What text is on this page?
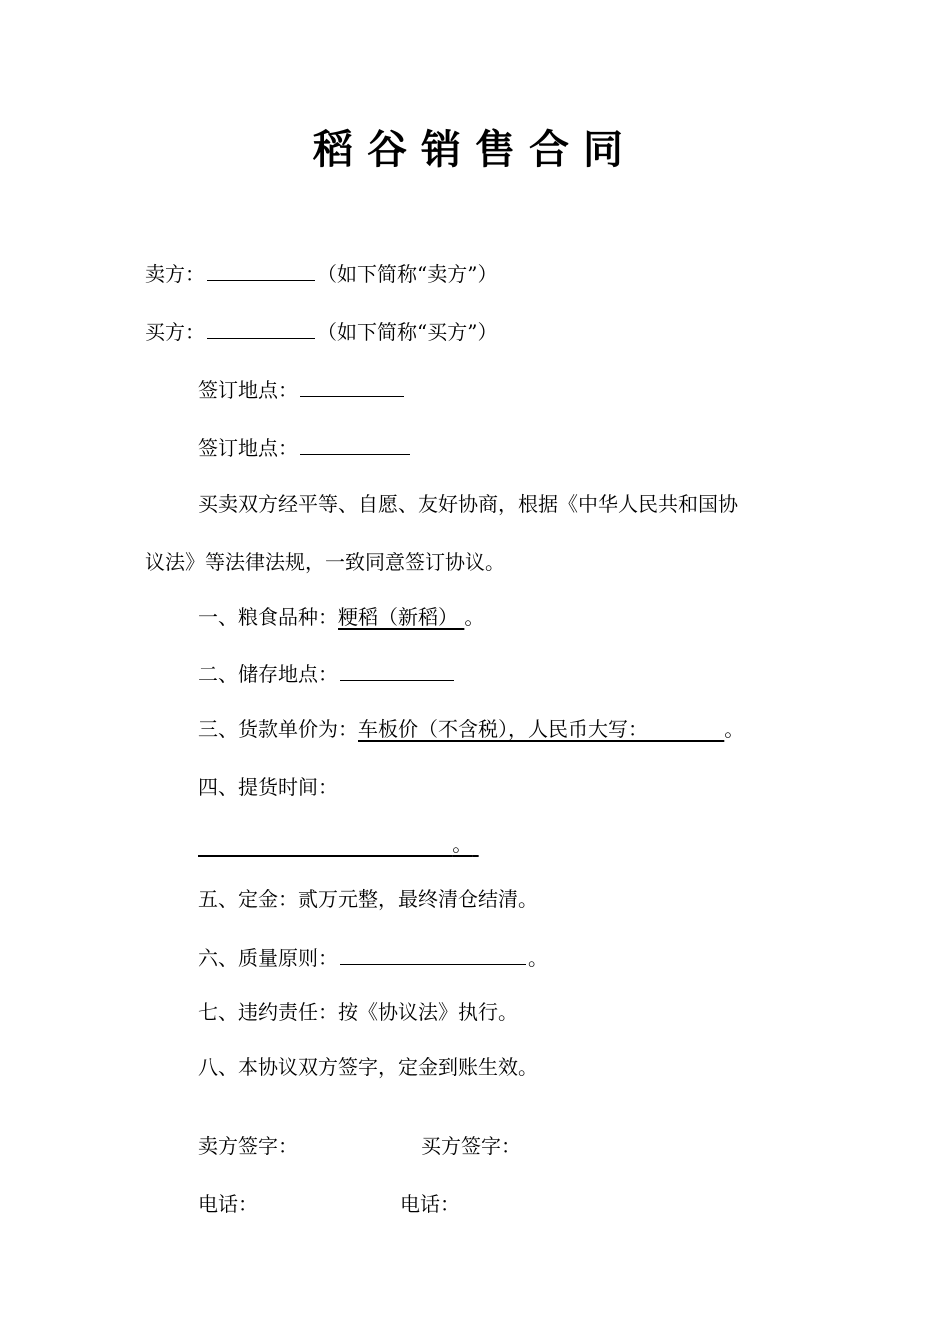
稻谷销售合同
卖方：	（如下简称“卖方”）
买方：	（如下简称“买方”）
签订地点：
签订地点：
买卖双方经平等、自愿、友好协商，根据《中华人民共和国协
议法》等法律法规，一致同意签订协议。
一、粮食品种：粳稻（新稻） 。
二、储存地点：
三、货款单价为：车板价（不含税），人民币大写：	。
四、提货时间：
。
五、定金：贰万元整，最终清仓结清。
六、质量原则：	。
七、违约责任：按《协议法》执行。
八、本协议双方签字，定金到账生效。
卖方签字：	买方签字：
电话：	电话：
